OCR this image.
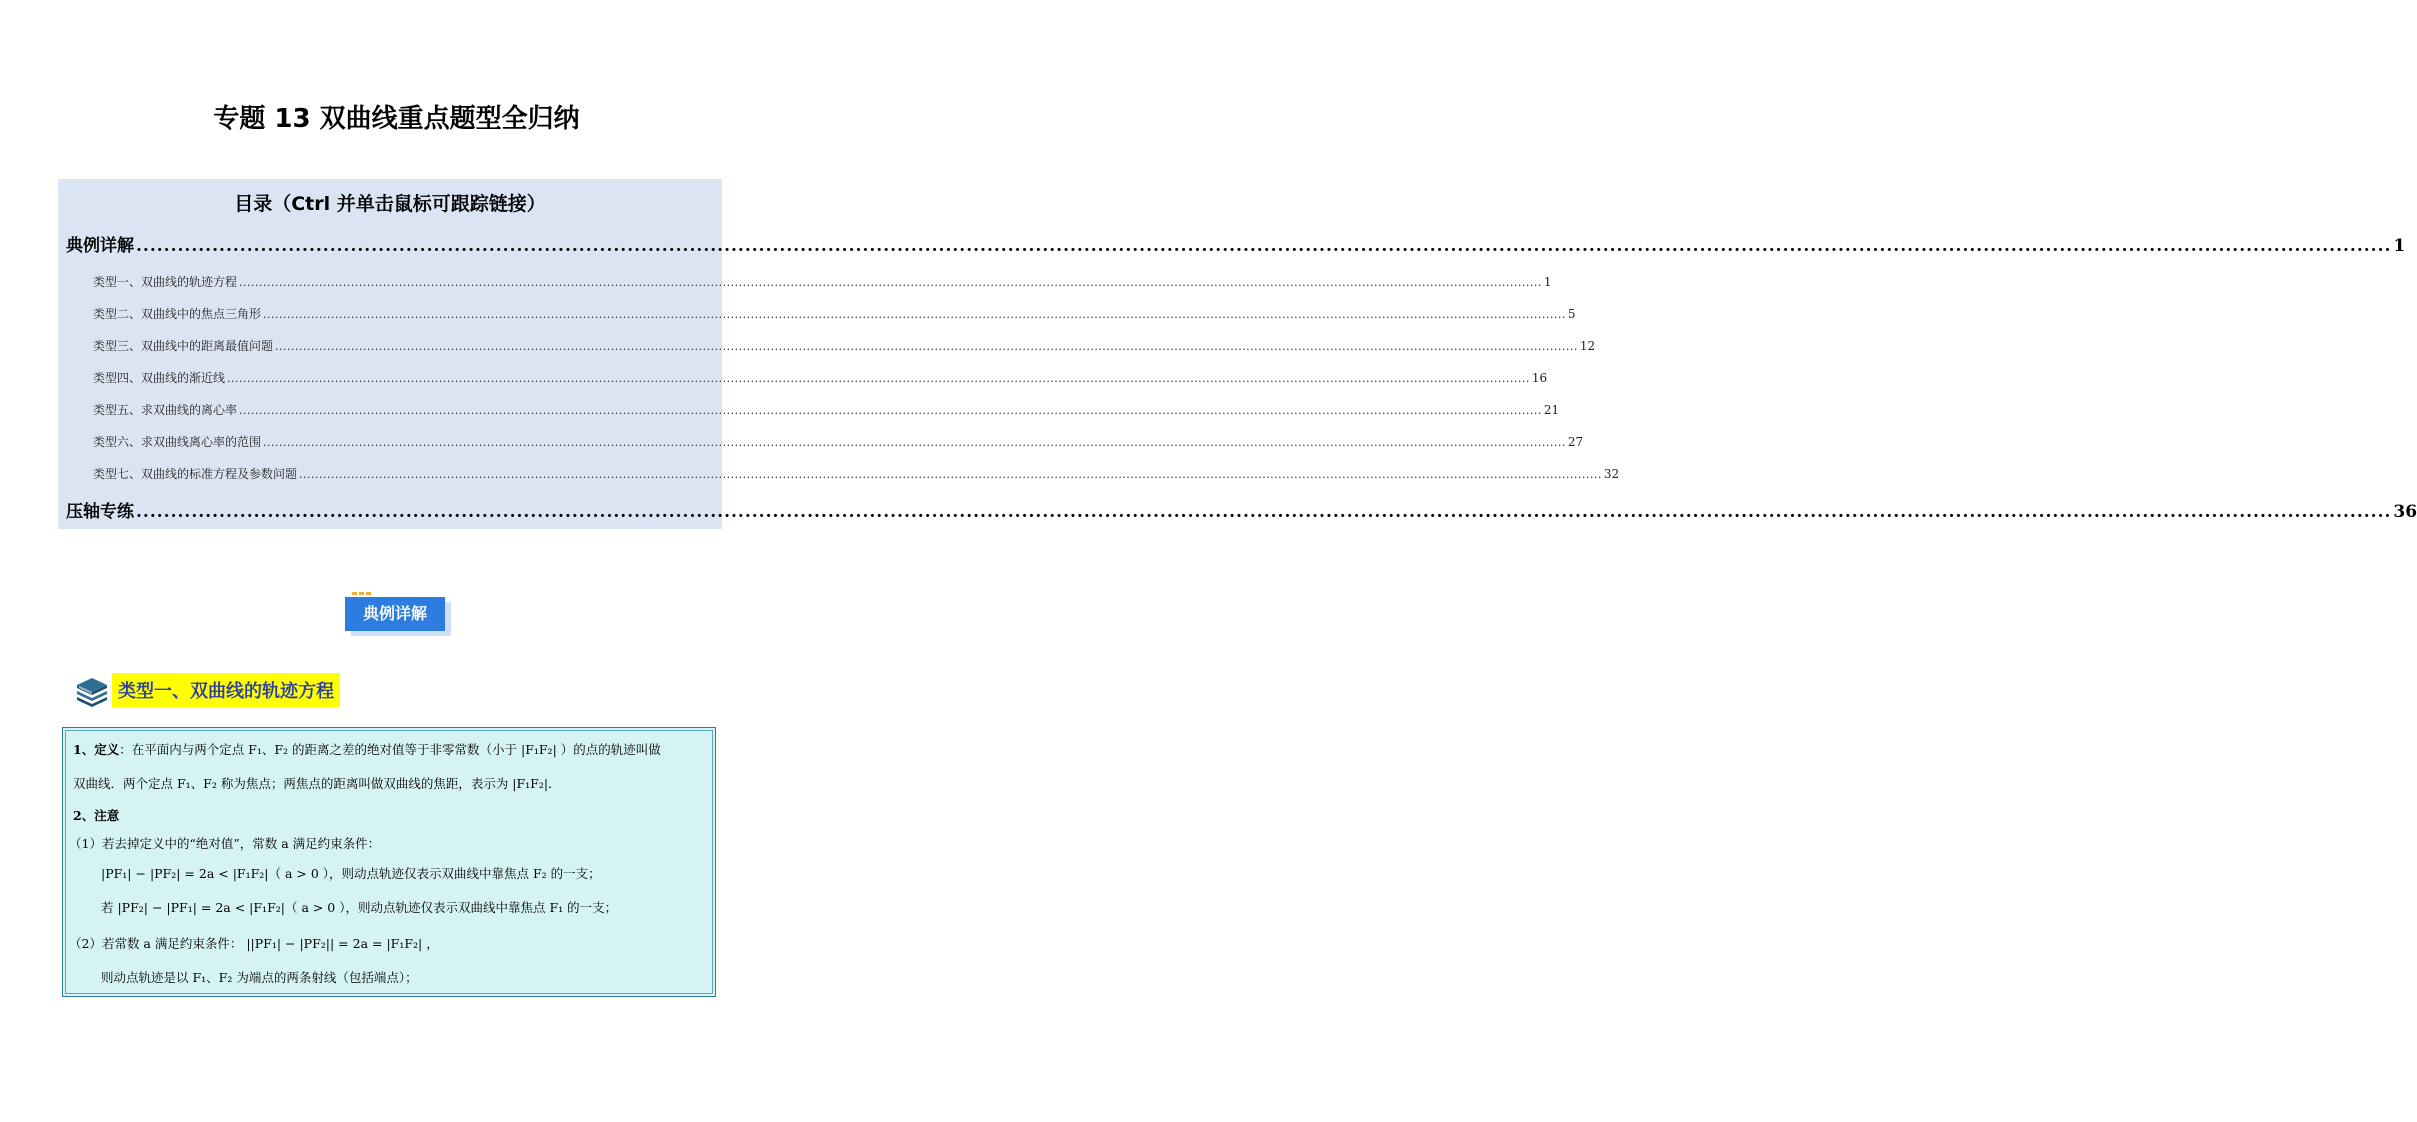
专题 13 双曲线重点题型全归纳
目录（Ctrl 并单击鼠标可跟踪链接）
典例详解 ...................................................................................................................................................................................................................................................................................................................................... 1
类型一、双曲线的轨迹方程 ...................................................................................................................................................................................................................................................................................................................................... 1
类型二、双曲线中的焦点三角形 ...................................................................................................................................................................................................................................................................................................................................... 5
类型三、双曲线中的距离最值问题 ...................................................................................................................................................................................................................................................................................................................................... 12
类型四、双曲线的渐近线 ...................................................................................................................................................................................................................................................................................................................................... 16
类型五、求双曲线的离心率 ...................................................................................................................................................................................................................................................................................................................................... 21
类型六、求双曲线离心率的范围 ...................................................................................................................................................................................................................................................................................................................................... 27
类型七、双曲线的标准方程及参数问题 ...................................................................................................................................................................................................................................................................................................................................... 32
压轴专练 ...................................................................................................................................................................................................................................................................................................................................... 36
典例详解
类型一、双曲线的轨迹方程
1、定义：在平面内与两个定点 F₁、F₂ 的距离之差的绝对值等于非零常数（小于 |F₁F₂| ）的点的轨迹叫做
双曲线．两个定点 F₁、F₂ 称为焦点；两焦点的距离叫做双曲线的焦距，表示为 |F₁F₂|．
2、注意
（1）若去掉定义中的“绝对值”，常数 a 满足约束条件：
|PF₁| − |PF₂| = 2a < |F₁F₂|（ a > 0 ），则动点轨迹仅表示双曲线中靠焦点 F₂ 的一支；
若 |PF₂| − |PF₁| = 2a < |F₁F₂|（ a > 0 ），则动点轨迹仅表示双曲线中靠焦点 F₁ 的一支；
（2）若常数 a 满足约束条件： ||PF₁| − |PF₂|| = 2a = |F₁F₂| ，
则动点轨迹是以 F₁、F₂ 为端点的两条射线（包括端点）；
